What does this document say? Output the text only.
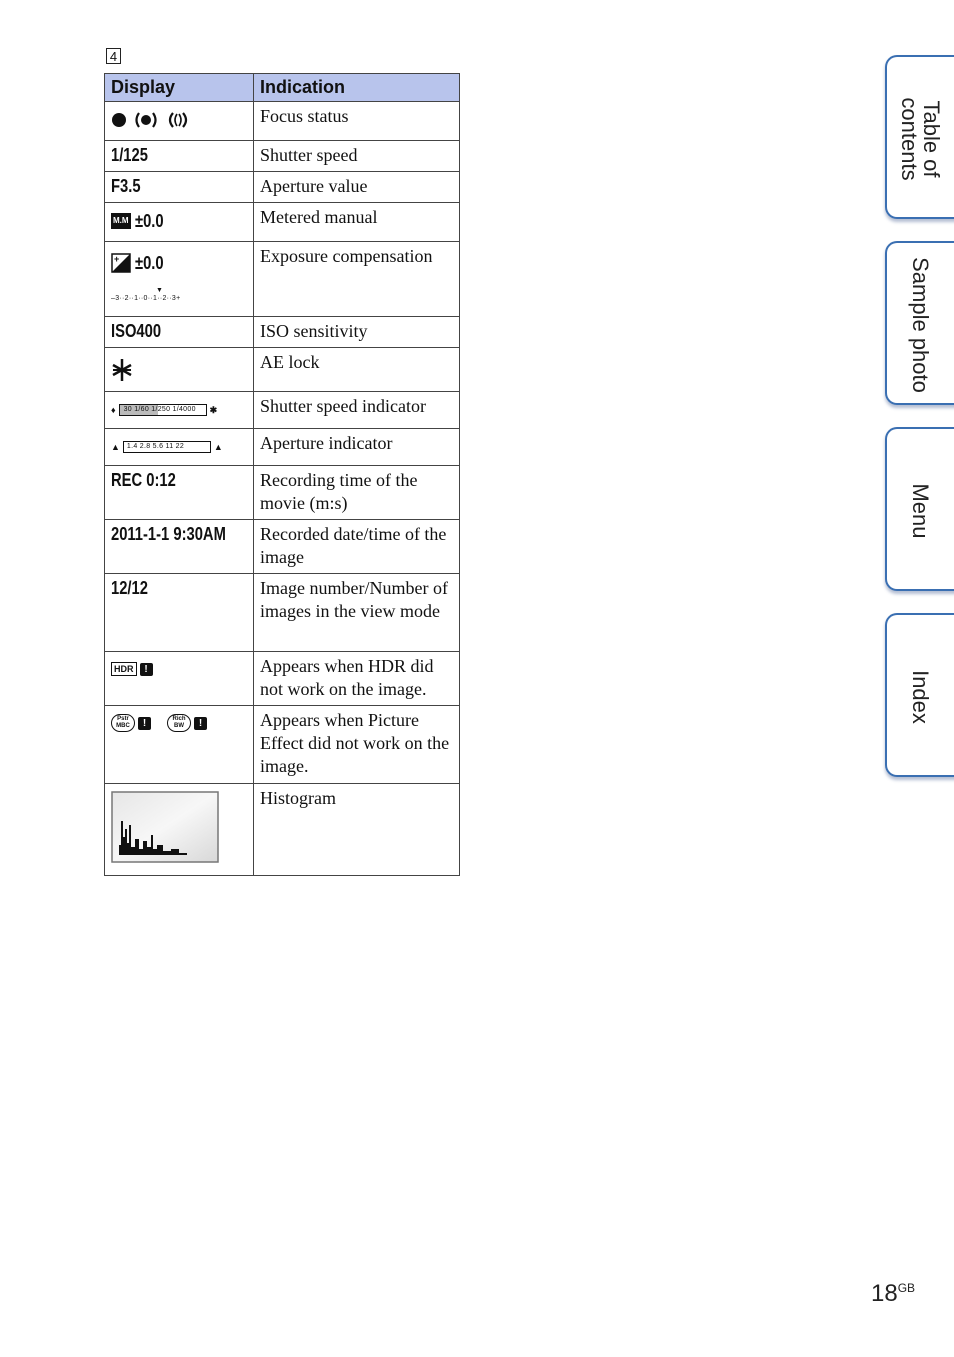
4
Display	Indication

	Focus status
1/125	Shutter speed
F3.5	Aperture value

M.M ±0.0	Metered manual

+ ±0.0
▼
–3··2··1··0··1··2··3+	Exposure compensation
ISO400	ISO sensitivity
	AE lock

♦ 30 1/60 1/250 1/4000 ✱	Shutter speed indicator

▲ 1.4 2.8 5.6 11 22 ▲	Aperture indicator
REC 0:12	Recording time of the movie (m:s)
2011-1-1 9:30AM	Recorded date/time of the image
12/12	Image number/Number of images in the view mode

HDR !	Appears when HDR did not work on the image.

Pstr MBC ! Rich BW !	Appears when Picture Effect did not work on the image.
	Histogram
Table of contents
Sample photo
Menu
Index
$18^{GB}$
